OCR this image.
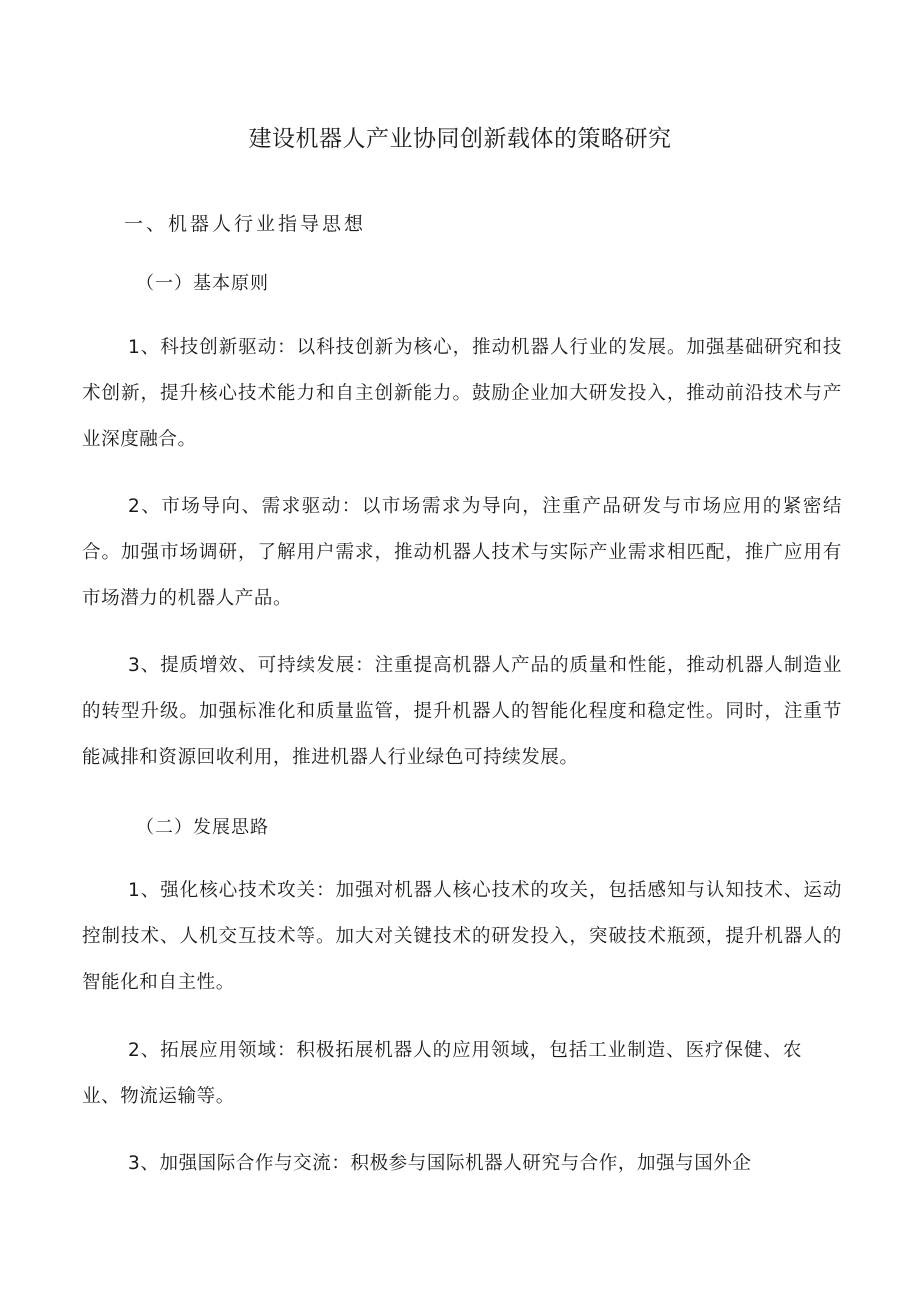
建设机器人产业协同创新载体的策略研究
一、机器人行业指导思想
（一）基本原则
1、科技创新驱动：以科技创新为核心，推动机器人行业的发展。加强基础研究和技术创新，提升核心技术能力和自主创新能力。鼓励企业加大研发投入，推动前沿技术与产业深度融合。
2、市场导向、需求驱动：以市场需求为导向，注重产品研发与市场应用的紧密结合。加强市场调研，了解用户需求，推动机器人技术与实际产业需求相匹配，推广应用有市场潜力的机器人产品。
3、提质增效、可持续发展：注重提高机器人产品的质量和性能，推动机器人制造业的转型升级。加强标准化和质量监管，提升机器人的智能化程度和稳定性。同时，注重节能减排和资源回收利用，推进机器人行业绿色可持续发展。
（二）发展思路
1、强化核心技术攻关：加强对机器人核心技术的攻关，包括感知与认知技术、运动控制技术、人机交互技术等。加大对关键技术的研发投入，突破技术瓶颈，提升机器人的智能化和自主性。
2、拓展应用领域：积极拓展机器人的应用领域，包括工业制造、医疗保健、农业、物流运输等。
3、加强国际合作与交流：积极参与国际机器人研究与合作，加强与国外企
